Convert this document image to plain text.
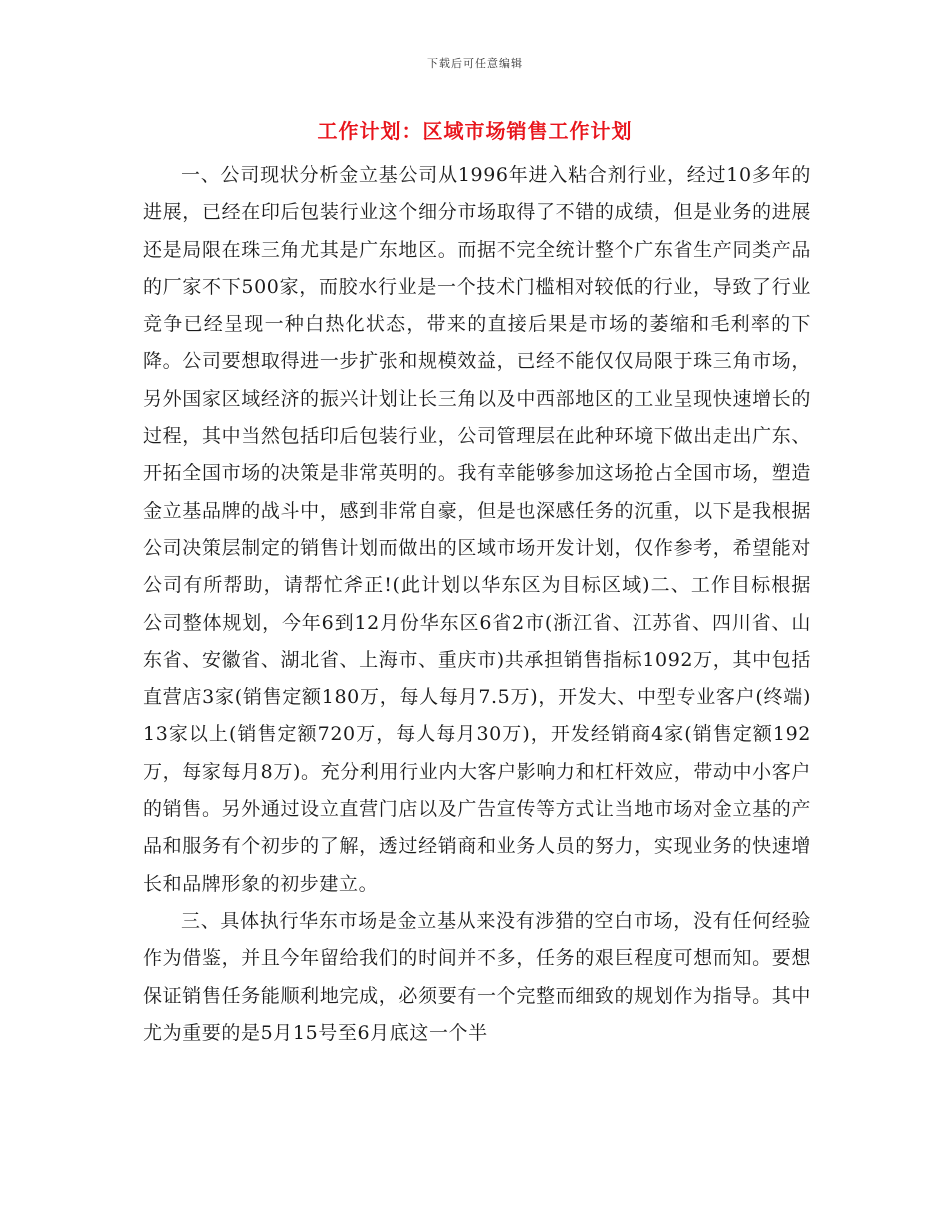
下载后可任意编辑
工作计划：区域市场销售工作计划

一、公司现状分析金立基公司从1996年进入粘合剂行业，经过10多年的进展，已经在印后包装行业这个细分市场取得了不错的成绩，但是业务的进展还是局限在珠三角尤其是广东地区。而据不完全统计整个广东省生产同类产品的厂家不下500家，而胶水行业是一个技术门槛相对较低的行业，导致了行业竞争已经呈现一种白热化状态，带来的直接后果是市场的萎缩和毛利率的下降。公司要想取得进一步扩张和规模效益，已经不能仅仅局限于珠三角市场，另外国家区域经济的振兴计划让长三角以及中西部地区的工业呈现快速增长的过程，其中当然包括印后包装行业，公司管理层在此种环境下做出走出广东、开拓全国市场的决策是非常英明的。我有幸能够参加这场抢占全国市场，塑造金立基品牌的战斗中，感到非常自豪，但是也深感任务的沉重，以下是我根据公司决策层制定的销售计划而做出的区域市场开发计划，仅作参考，希望能对公司有所帮助，请帮忙斧正!(此计划以华东区为目标区域)二、工作目标根据公司整体规划，今年6到12月份华东区6省2市(浙江省、江苏省、四川省、山东省、安徽省、湖北省、上海市、重庆市)共承担销售指标1092万，其中包括直营店3家(销售定额180万，每人每月7.5万)，开发大、中型专业客户(终端)13家以上(销售定额720万，每人每月30万)，开发经销商4家(销售定额192万，每家每月8万)。充分利用行业内大客户影响力和杠杆效应，带动中小客户的销售。另外通过设立直营门店以及广告宣传等方式让当地市场对金立基的产品和服务有个初步的了解，透过经销商和业务人员的努力，实现业务的快速增长和品牌形象的初步建立。

三、具体执行华东市场是金立基从来没有涉猎的空白市场，没有任何经验作为借鉴，并且今年留给我们的时间并不多，任务的艰巨程度可想而知。要想保证销售任务能顺利地完成，必须要有一个完整而细致的规划作为指导。其中尤为重要的是5月15号至6月底这一个半
